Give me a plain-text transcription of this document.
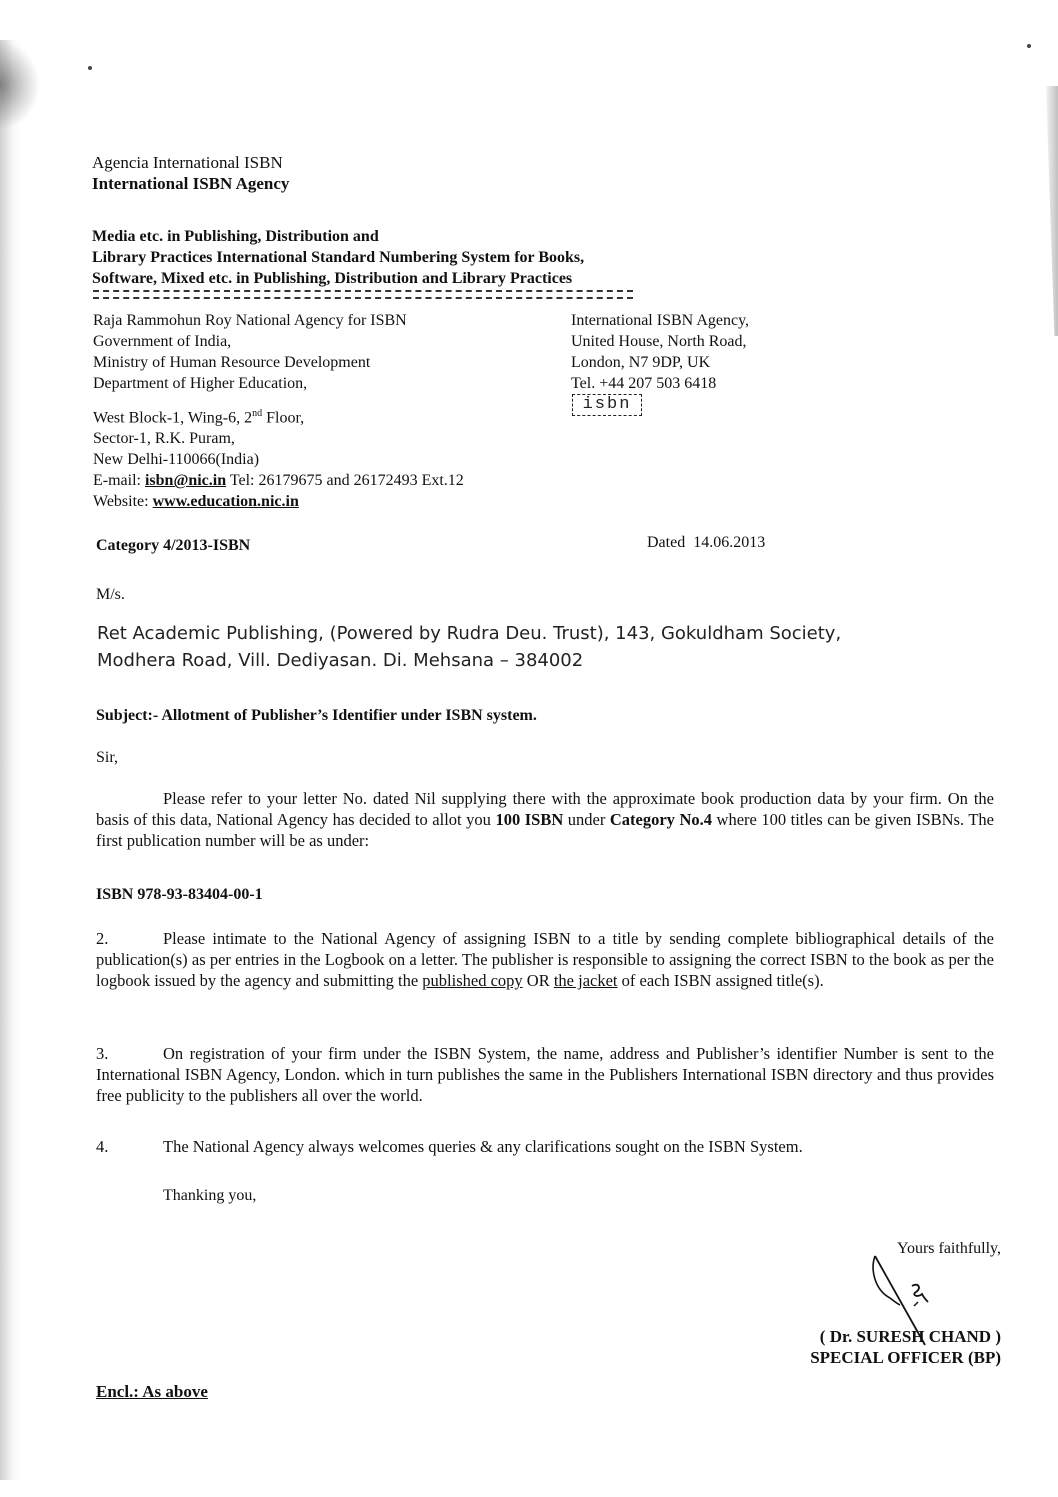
Agencia International ISBN
International ISBN Agency
Media etc. in Publishing, Distribution and
Library Practices International Standard Numbering System for Books,
Software, Mixed etc. in Publishing, Distribution and Library Practices
Raja Rammohun Roy National Agency for ISBN
Government of India,
Ministry of Human Resource Development
Department of Higher Education,
West Block-1, Wing-6, 2nd Floor,
Sector-1, R.K. Puram,
New Delhi-110066(India)
E-mail: isbn@nic.in Tel: 26179675 and 26172493 Ext.12
Website: www.education.nic.in
International ISBN Agency,
United House, North Road,
London, N7 9DP, UK
Tel. +44 207 503 6418
isbn
Category 4/2013-ISBN	Dated 14.06.2013
M/s.
Ret Academic Publishing, (Powered by Rudra Deu. Trust), 143, Gokuldham Society,
Modhera Road, Vill. Dediyasan. Di. Mehsana – 384002
Subject:- Allotment of Publisher’s Identifier under ISBN system.
Sir,
Please refer to your letter No. dated Nil supplying there with the approximate book production data by your firm. On the basis of this data, National Agency has decided to allot you 100 ISBN under Category No.4 where 100 titles can be given ISBNs. The first publication number will be as under:
ISBN 978-93-83404-00-1
2.	Please intimate to the National Agency of assigning ISBN to a title by sending complete bibliographical details of the publication(s) as per entries in the Logbook on a letter. The publisher is responsible to assigning the correct ISBN to the book as per the logbook issued by the agency and submitting the published copy OR the jacket of each ISBN assigned title(s).
3.	On registration of your firm under the ISBN System, the name, address and Publisher’s identifier Number is sent to the International ISBN Agency, London. which in turn publishes the same in the Publishers International ISBN directory and thus provides free publicity to the publishers all over the world.
4.	The National Agency always welcomes queries & any clarifications sought on the ISBN System.
Thanking you,
Yours faithfully,
( Dr. SURESH CHAND )
SPECIAL OFFICER (BP)
Encl.: As above
